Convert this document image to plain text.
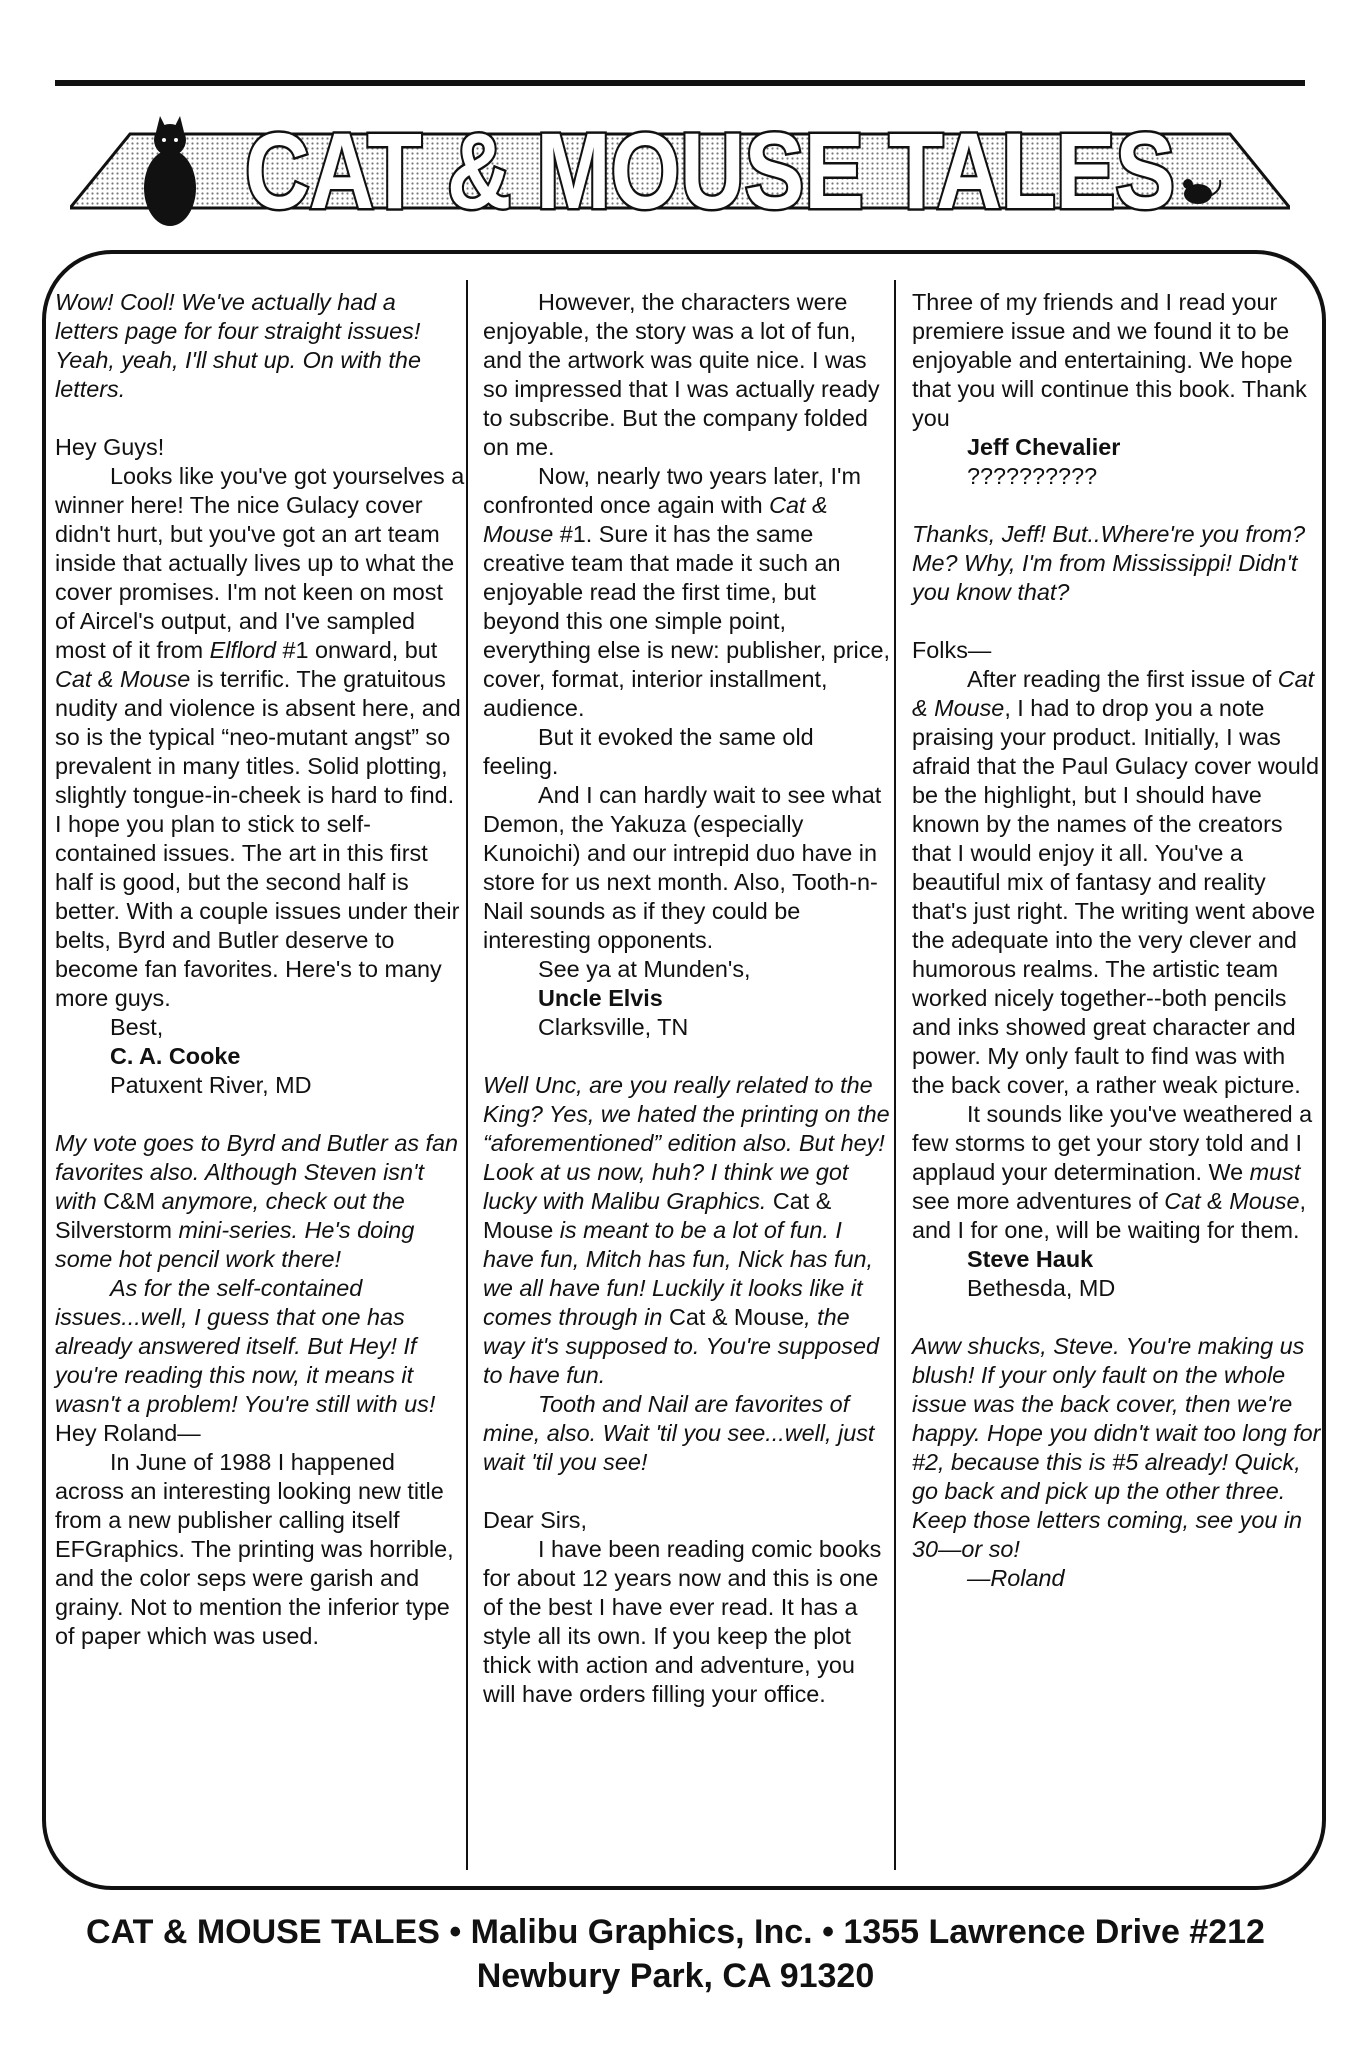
CAT & MOUSE TALES

Wow! Cool! We've actually had a letters page for four straight issues! Yeah, yeah, I'll shut up. On with the letters.

Hey Guys!

Looks like you've got yourselves a winner here! The nice Gulacy cover didn't hurt, but you've got an art team inside that actually lives up to what the cover promises. I'm not keen on most of Aircel's output, and I've sampled most of it from Elflord #1 onward, but Cat & Mouse is terrific. The gratuitous nudity and violence is absent here, and so is the typical “neo-mutant angst” so prevalent in many titles. Solid plotting, slightly tongue-in-cheek is hard to find. I hope you plan to stick to self-contained issues. The art in this first half is good, but the second half is better. With a couple issues under their belts, Byrd and Butler deserve to become fan favorites. Here's to many more guys.

Best,

C. A. Cooke

Patuxent River, MD

My vote goes to Byrd and Butler as fan favorites also. Although Steven isn't with C&M anymore, check out the Silverstorm mini-series. He's doing some hot pencil work there!

As for the self-contained issues...well, I guess that one has already answered itself. But Hey! If you're reading this now, it means it wasn't a problem! You're still with us!

Hey Roland—

In June of 1988 I happened across an interesting looking new title from a new publisher calling itself EFGraphics. The printing was horrible, and the color seps were garish and grainy. Not to mention the inferior type of paper which was used.

However, the characters were enjoyable, the story was a lot of fun, and the artwork was quite nice. I was so impressed that I was actually ready to subscribe. But the company folded on me.

Now, nearly two years later, I'm confronted once again with Cat & Mouse #1. Sure it has the same creative team that made it such an enjoyable read the first time, but beyond this one simple point, everything else is new: publisher, price, cover, format, interior installment, audience.

But it evoked the same old feeling.

And I can hardly wait to see what Demon, the Yakuza (especially Kunoichi) and our intrepid duo have in store for us next month. Also, Tooth-n-Nail sounds as if they could be interesting opponents.

See ya at Munden's,

Uncle Elvis

Clarksville, TN

Well Unc, are you really related to the King? Yes, we hated the printing on the “aforementioned” edition also. But hey! Look at us now, huh? I think we got lucky with Malibu Graphics. Cat & Mouse is meant to be a lot of fun. I have fun, Mitch has fun, Nick has fun, we all have fun! Luckily it looks like it comes through in Cat & Mouse, the way it's supposed to. You're supposed to have fun.

Tooth and Nail are favorites of mine, also. Wait 'til you see...well, just wait 'til you see!

Dear Sirs,

I have been reading comic books for about 12 years now and this is one of the best I have ever read. It has a style all its own. If you keep the plot thick with action and adventure, you will have orders filling your office.

Three of my friends and I read your premiere issue and we found it to be enjoyable and entertaining. We hope that you will continue this book. Thank you

Jeff Chevalier

??????????

Thanks, Jeff! But..Where're you from? Me? Why, I'm from Mississippi! Didn't you know that?

Folks—

After reading the first issue of Cat & Mouse, I had to drop you a note praising your product. Initially, I was afraid that the Paul Gulacy cover would be the highlight, but I should have known by the names of the creators that I would enjoy it all. You've a beautiful mix of fantasy and reality that's just right. The writing went above the adequate into the very clever and humorous realms. The artistic team worked nicely together--both pencils and inks showed great character and power. My only fault to find was with the back cover, a rather weak picture.

It sounds like you've weathered a few storms to get your story told and I applaud your determination. We must see more adventures of Cat & Mouse, and I for one, will be waiting for them.

Steve Hauk

Bethesda, MD

Aww shucks, Steve. You're making us blush! If your only fault on the whole issue was the back cover, then we're happy. Hope you didn't wait too long for #2, because this is #5 already! Quick, go back and pick up the other three. Keep those letters coming, see you in 30—or so!

—Roland

CAT & MOUSE TALES • Malibu Graphics, Inc. • 1355 Lawrence Drive #212
Newbury Park, CA 91320
